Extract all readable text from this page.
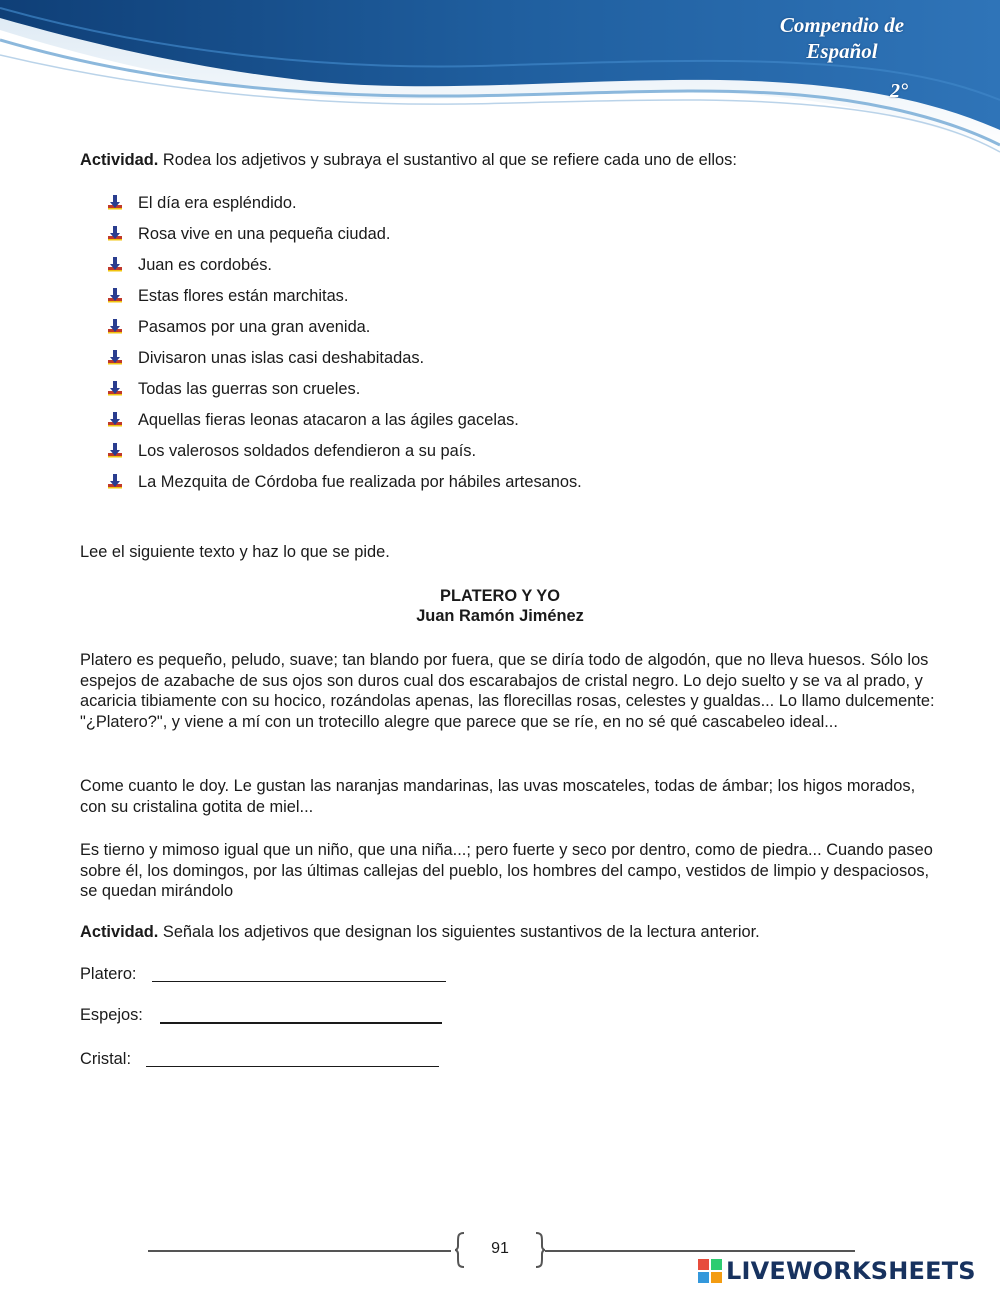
Compendio de
Español
2°

Actividad. Rodea los adjetivos y subraya el sustantivo al que se refiere cada uno de ellos:

El día era espléndido.
Rosa vive en una pequeña ciudad.
Juan es cordobés.
Estas flores están marchitas.
Pasamos por una gran avenida.
Divisaron unas islas casi deshabitadas.
Todas las guerras son crueles.
Aquellas fieras leonas atacaron a las ágiles gacelas.
Los valerosos soldados defendieron a su país.
La Mezquita de Córdoba fue realizada por hábiles artesanos.

Lee el siguiente texto y haz lo que se pide.

PLATERO Y YO
Juan Ramón Jiménez

Platero es pequeño, peludo, suave; tan blando por fuera, que se diría todo de algodón, que no lleva huesos. Sólo los espejos de azabache de sus ojos son duros cual dos escarabajos de cristal negro. Lo dejo suelto y se va al prado, y acaricia tibiamente con su hocico, rozándolas apenas, las florecillas rosas, celestes y gualdas... Lo llamo dulcemente: "¿Platero?", y viene a mí con un trotecillo alegre que parece que se ríe, en no sé qué cascabeleo ideal...

Come cuanto le doy. Le gustan las naranjas mandarinas, las uvas moscateles, todas de ámbar; los higos morados, con su cristalina gotita de miel...

Es tierno y mimoso igual que un niño, que una niña...; pero fuerte y seco por dentro, como de piedra... Cuando paseo sobre él, los domingos, por las últimas callejas del pueblo, los hombres del campo, vestidos de limpio y despaciosos, se quedan mirándolo

Actividad. Señala los adjetivos que designan los siguientes sustantivos de la lectura anterior.

Platero:
Espejos:
Cristal:
91
LIVEWORKSHEETS
